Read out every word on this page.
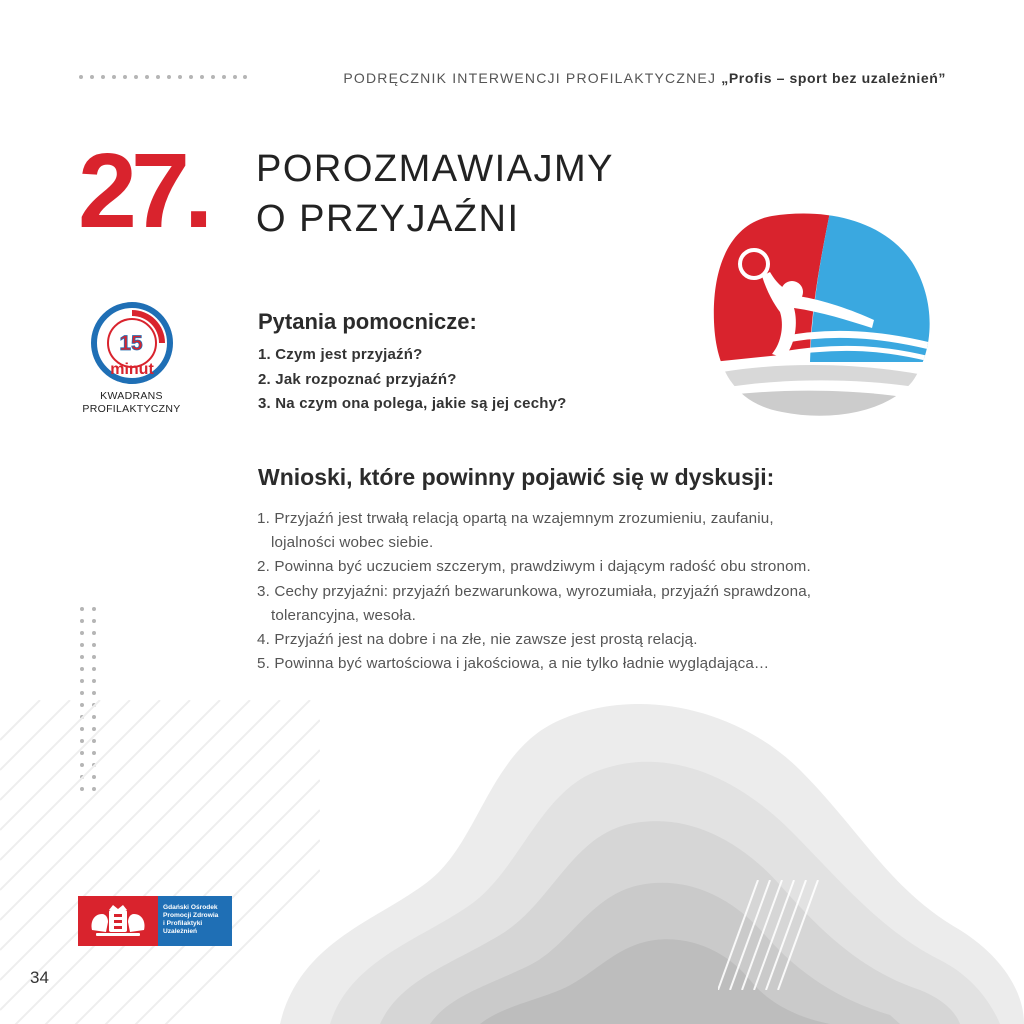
PODRĘCZNIK INTERWENCJI PROFILAKTYCZNEJ „Profis – sport bez uzależnień”
27. POROZMAWIAJMY
O PRZYJAŹNI
15
minut
KWADRANS
PROFILAKTYCZNY
Pytania pomocnicze:
1. Czym jest przyjaźń?
2. Jak rozpoznać przyjaźń?
3. Na czym ona polega, jakie są jej cechy?
Wnioski, które powinny pojawić się w dyskusji:
1. Przyjaźń jest trwałą relacją opartą na wzajemnym zrozumieniu, zaufaniu,
lojalności wobec siebie.
2. Powinna być uczuciem szczerym, prawdziwym i dającym radość obu stronom.
3. Cechy przyjaźni: przyjaźń bezwarunkowa, wyrozumiała, przyjaźń sprawdzona,
tolerancyjna, wesoła.
4. Przyjaźń jest na dobre i na złe, nie zawsze jest prostą relacją.
5. Powinna być wartościowa i jakościowa, a nie tylko ładnie wyglądająca…
Gdański Ośrodek
Promocji Zdrowia
i Profilaktyki
Uzależnień
34
